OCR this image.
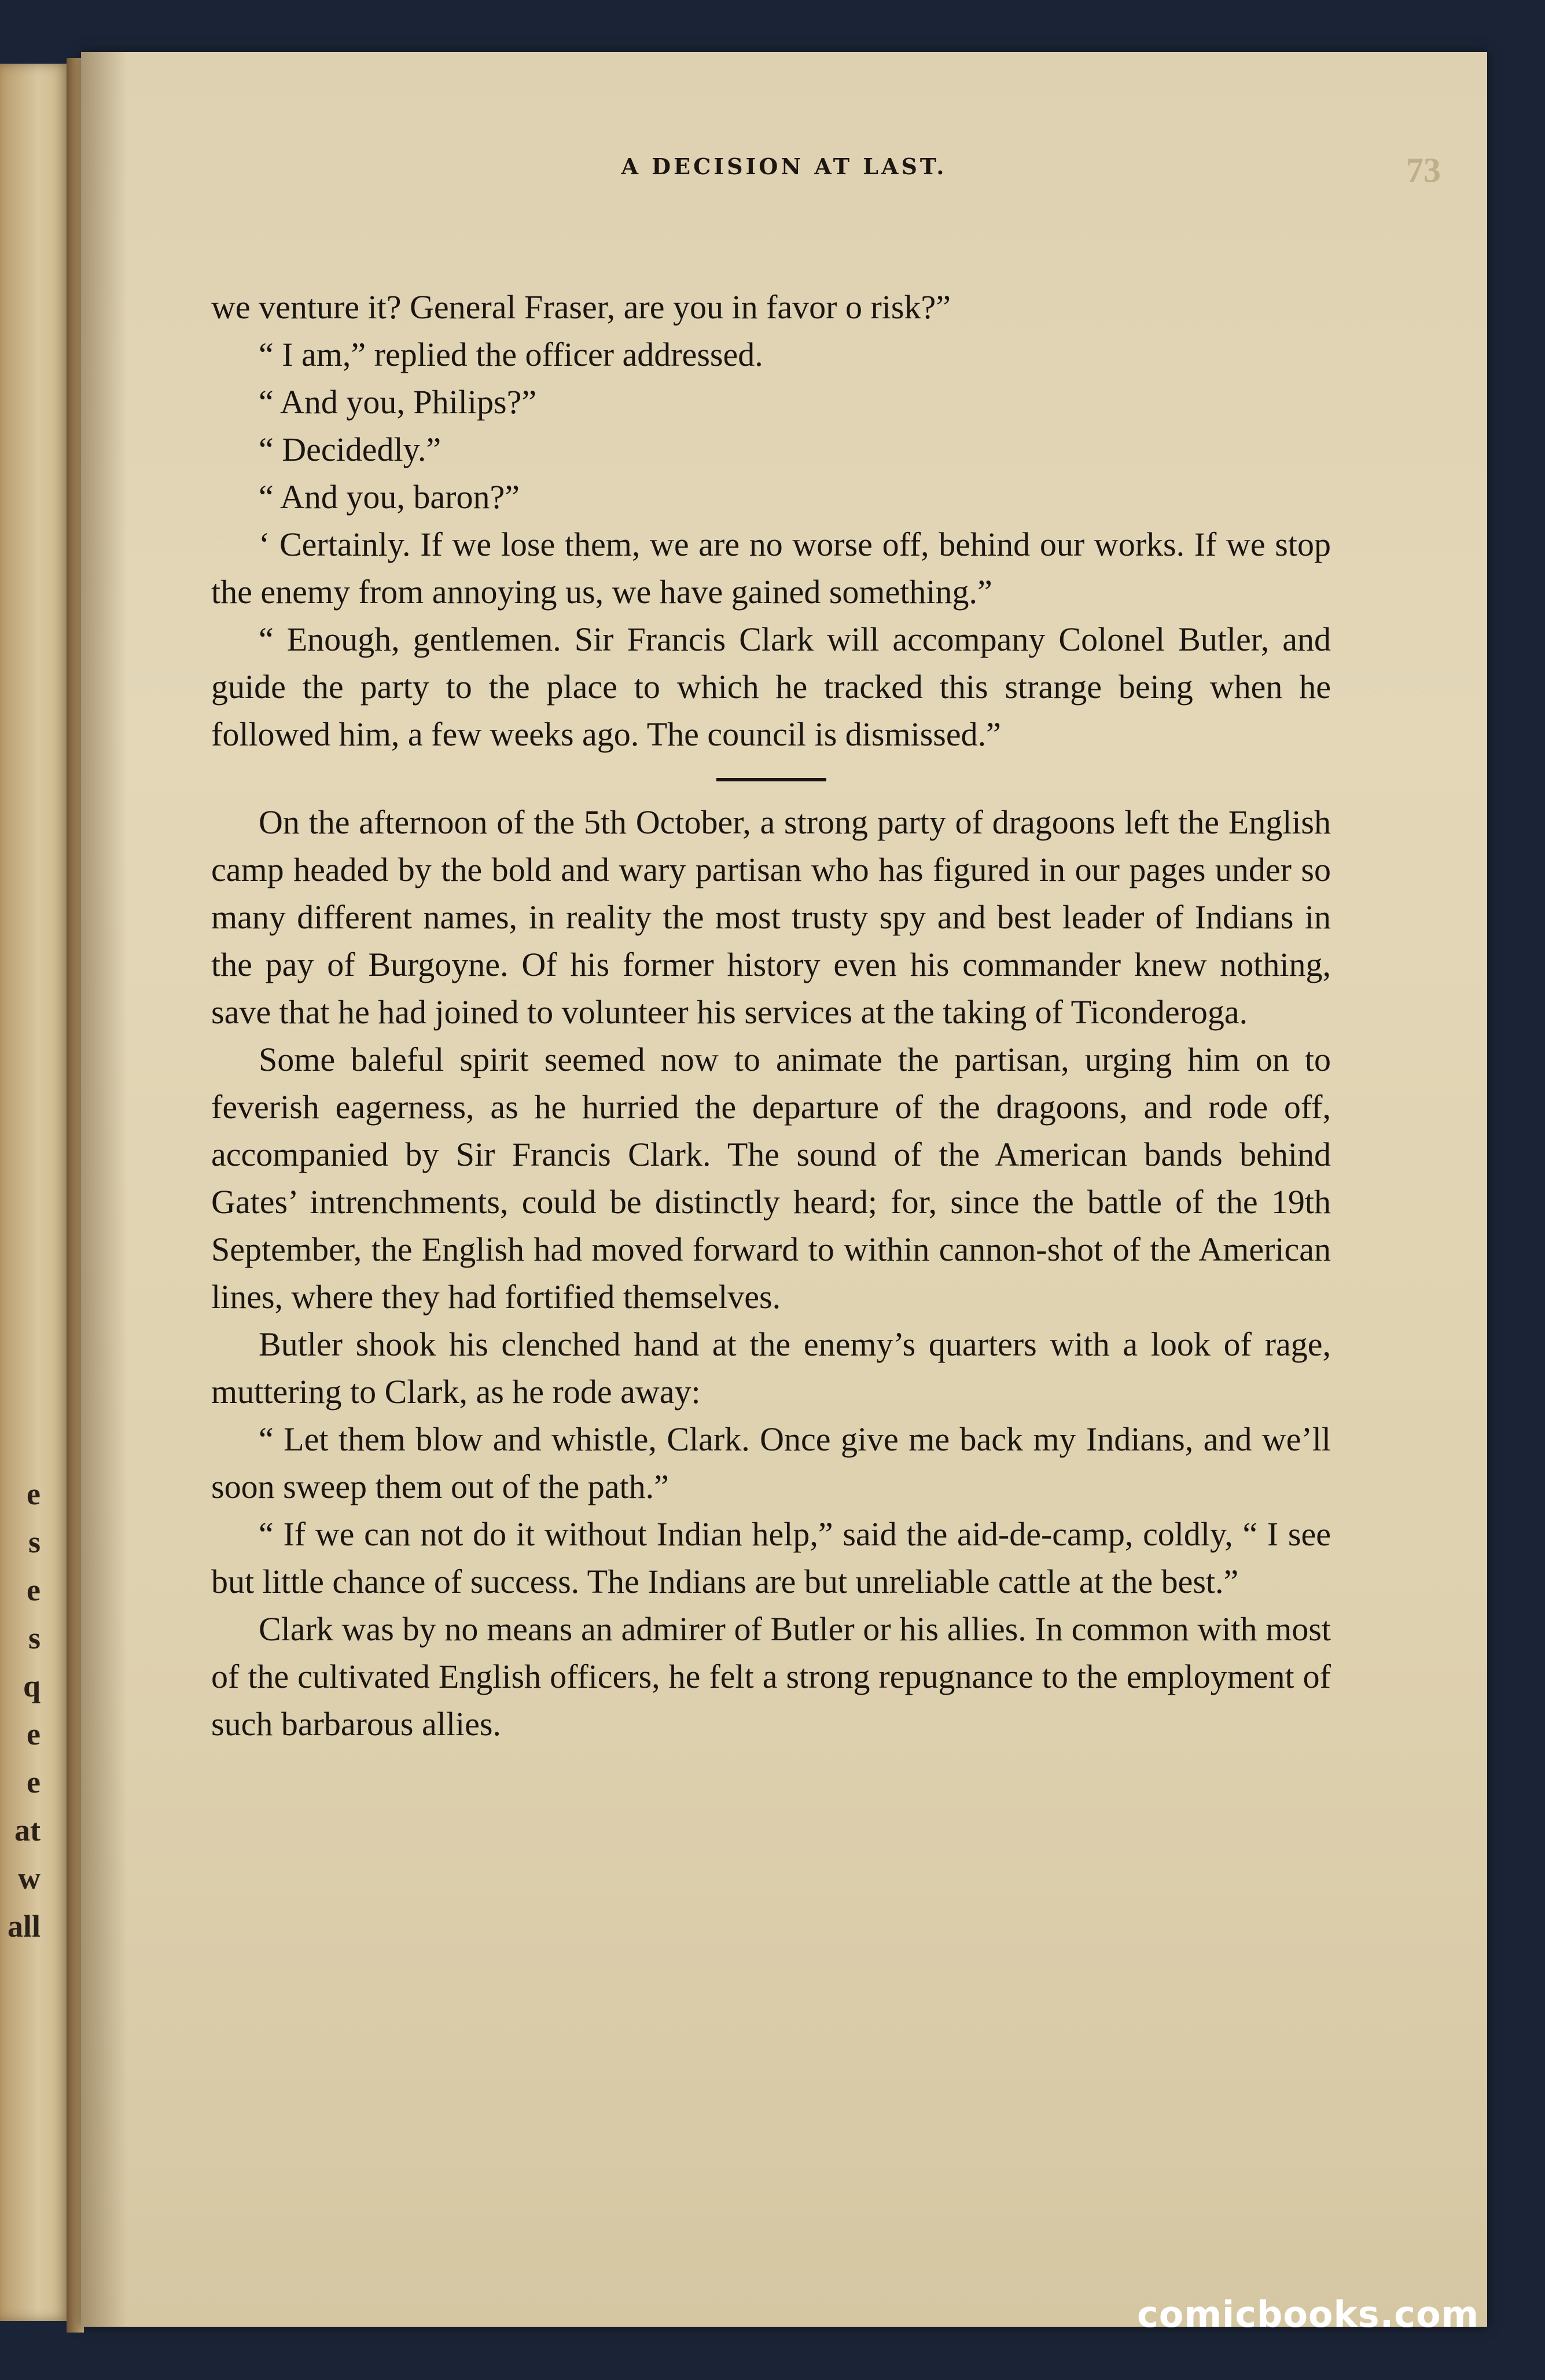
e
s
e
s
q
e
e
at
w
all
A DECISION AT LAST.	73

we venture it? General Fraser, are you in favor o risk?”

“ I am,” replied the officer addressed.

“ And you, Philips?”

“ Decidedly.”

“ And you, baron?”

‘ Certainly. If we lose them, we are no worse off, behind our works. If we stop the enemy from annoying us, we have gained something.”

“ Enough, gentlemen. Sir Francis Clark will accompany Colonel Butler, and guide the party to the place to which he tracked this strange being when he followed him, a few weeks ago. The council is dismissed.”

On the afternoon of the 5th October, a strong party of dragoons left the English camp headed by the bold and wary partisan who has figured in our pages under so many different names, in reality the most trusty spy and best leader of Indians in the pay of Burgoyne. Of his former history even his commander knew nothing, save that he had joined to volunteer his services at the taking of Ticonderoga.

Some baleful spirit seemed now to animate the partisan, urging him on to feverish eagerness, as he hurried the departure of the dragoons, and rode off, accompanied by Sir Francis Clark. The sound of the American bands behind Gates’ intrenchments, could be distinctly heard; for, since the battle of the 19th September, the English had moved forward to within cannon-shot of the American lines, where they had fortified themselves.

Butler shook his clenched hand at the enemy’s quarters with a look of rage, muttering to Clark, as he rode away:

“ Let them blow and whistle, Clark. Once give me back my Indians, and we’ll soon sweep them out of the path.”

“ If we can not do it without Indian help,” said the aid-de-camp, coldly, “ I see but little chance of success. The Indians are but unreliable cattle at the best.”

Clark was by no means an admirer of Butler or his allies. In common with most of the cultivated English officers, he felt a strong repugnance to the employment of such barbarous allies.

comicbooks.com
